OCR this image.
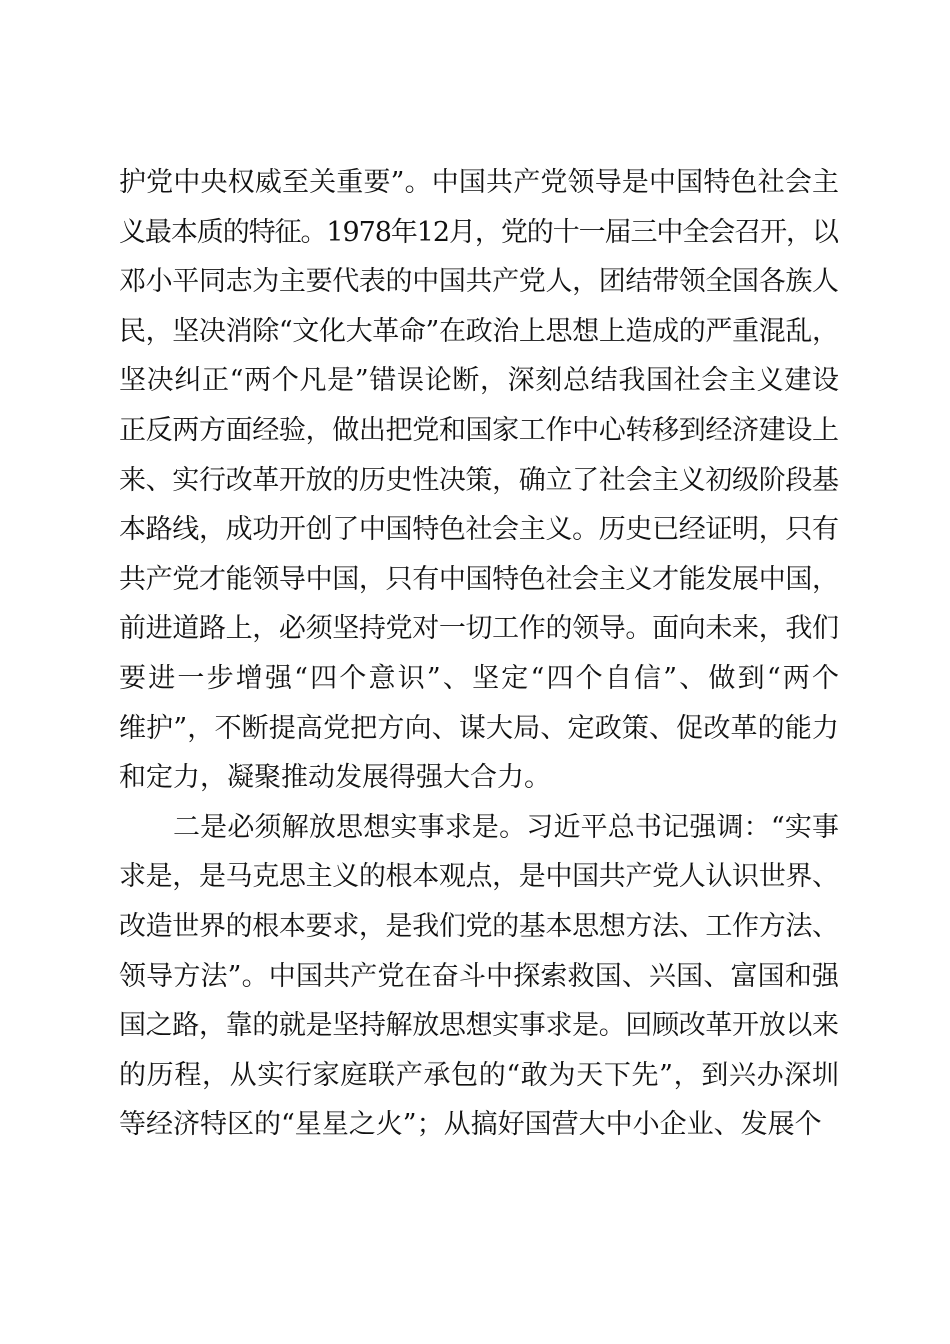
护党中央权威至关重要”。中国共产党领导是中国特色社会主
义最本质的特征。1978年12月，党的十一届三中全会召开，以
邓小平同志为主要代表的中国共产党人，团结带领全国各族人
民，坚决消除“文化大革命”在政治上思想上造成的严重混乱，
坚决纠正“两个凡是”错误论断，深刻总结我国社会主义建设
正反两方面经验，做出把党和国家工作中心转移到经济建设上
来、实行改革开放的历史性决策，确立了社会主义初级阶段基
本路线，成功开创了中国特色社会主义。历史已经证明，只有
共产党才能领导中国，只有中国特色社会主义才能发展中国，
前进道路上，必须坚持党对一切工作的领导。面向未来，我们
要进一步增强“四个意识”、坚定“四个自信”、做到“两个
维护”，不断提高党把方向、谋大局、定政策、促改革的能力
和定力，凝聚推动发展得强大合力。
二是必须解放思想实事求是。习近平总书记强调：“实事
求是，是马克思主义的根本观点，是中国共产党人认识世界、
改造世界的根本要求，是我们党的基本思想方法、工作方法、
领导方法”。中国共产党在奋斗中探索救国、兴国、富国和强
国之路，靠的就是坚持解放思想实事求是。回顾改革开放以来
的历程，从实行家庭联产承包的“敢为天下先”，到兴办深圳
等经济特区的“星星之火”；从搞好国营大中小企业、发展个
